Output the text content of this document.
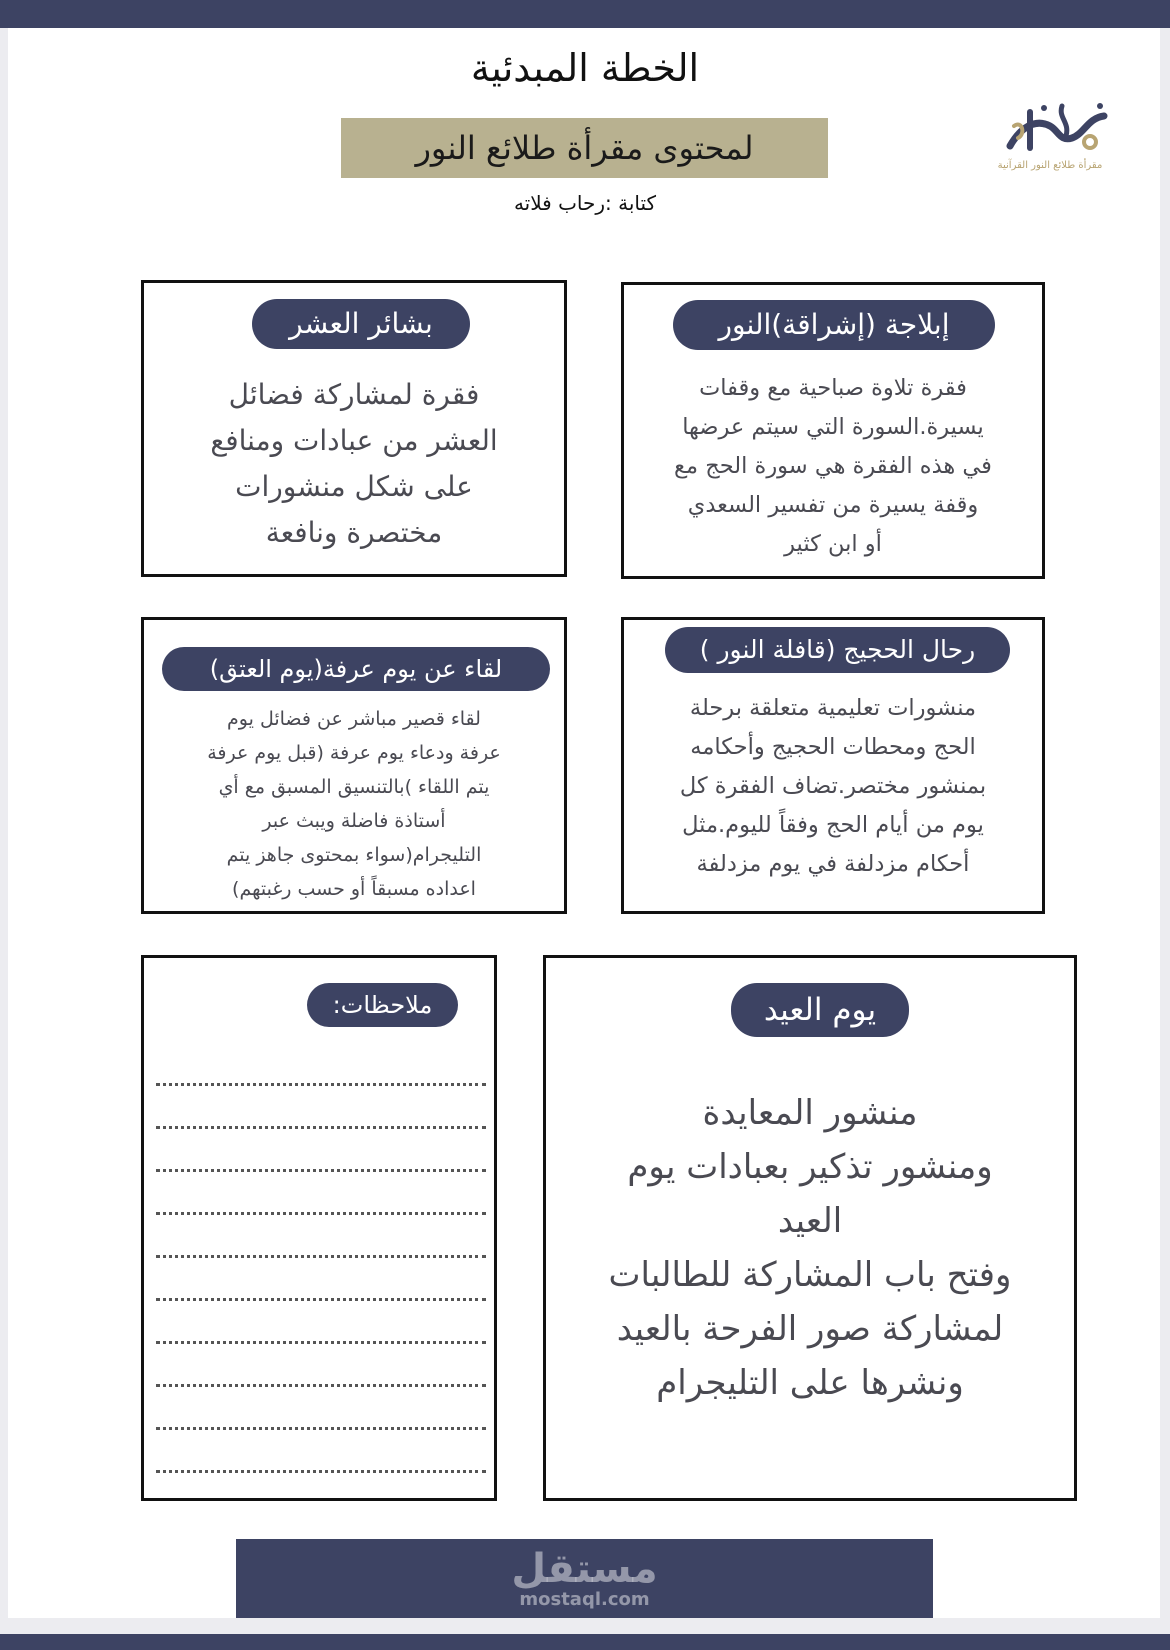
الخطة المبدئية
لمحتوى مقرأة طلائع النور
كتابة :رحاب فلاته
مقرأة طلائع النور القرآنية
إبلاجة (إشراقة)النور
فقرة تلاوة صباحية مع وقفات
يسيرة.السورة التي سيتم عرضها
في هذه الفقرة هي سورة الحج مع
وقفة يسيرة من تفسير السعدي
أو ابن كثير
بشائر العشر
فقرة لمشاركة فضائل
العشر من عبادات ومنافع
على شكل منشورات
مختصرة ونافعة
رحال الحجيج (قافلة النور )
منشورات تعليمية متعلقة برحلة
الحج ومحطات الحجيج وأحكامه
بمنشور مختصر.تضاف الفقرة كل
يوم من أيام الحج وفقاً لليوم.مثل
أحكام مزدلفة في يوم مزدلفة
لقاء عن يوم عرفة(يوم العتق)
لقاء قصير مباشر عن فضائل يوم
عرفة ودعاء يوم عرفة (قبل يوم عرفة
يتم اللقاء )بالتنسيق المسبق مع أي
أستاذة فاضلة ويبث عبر
التليجرام(سواء بمحتوى جاهز يتم
اعداده مسبقاً أو حسب رغبتهم)
يوم العيد
منشور المعايدة
ومنشور تذكير بعبادات يوم
العيد
وفتح باب المشاركة للطالبات
لمشاركة صور الفرحة بالعيد
ونشرها على التليجرام
ملاحظات:
مستقل
mostaql.com
